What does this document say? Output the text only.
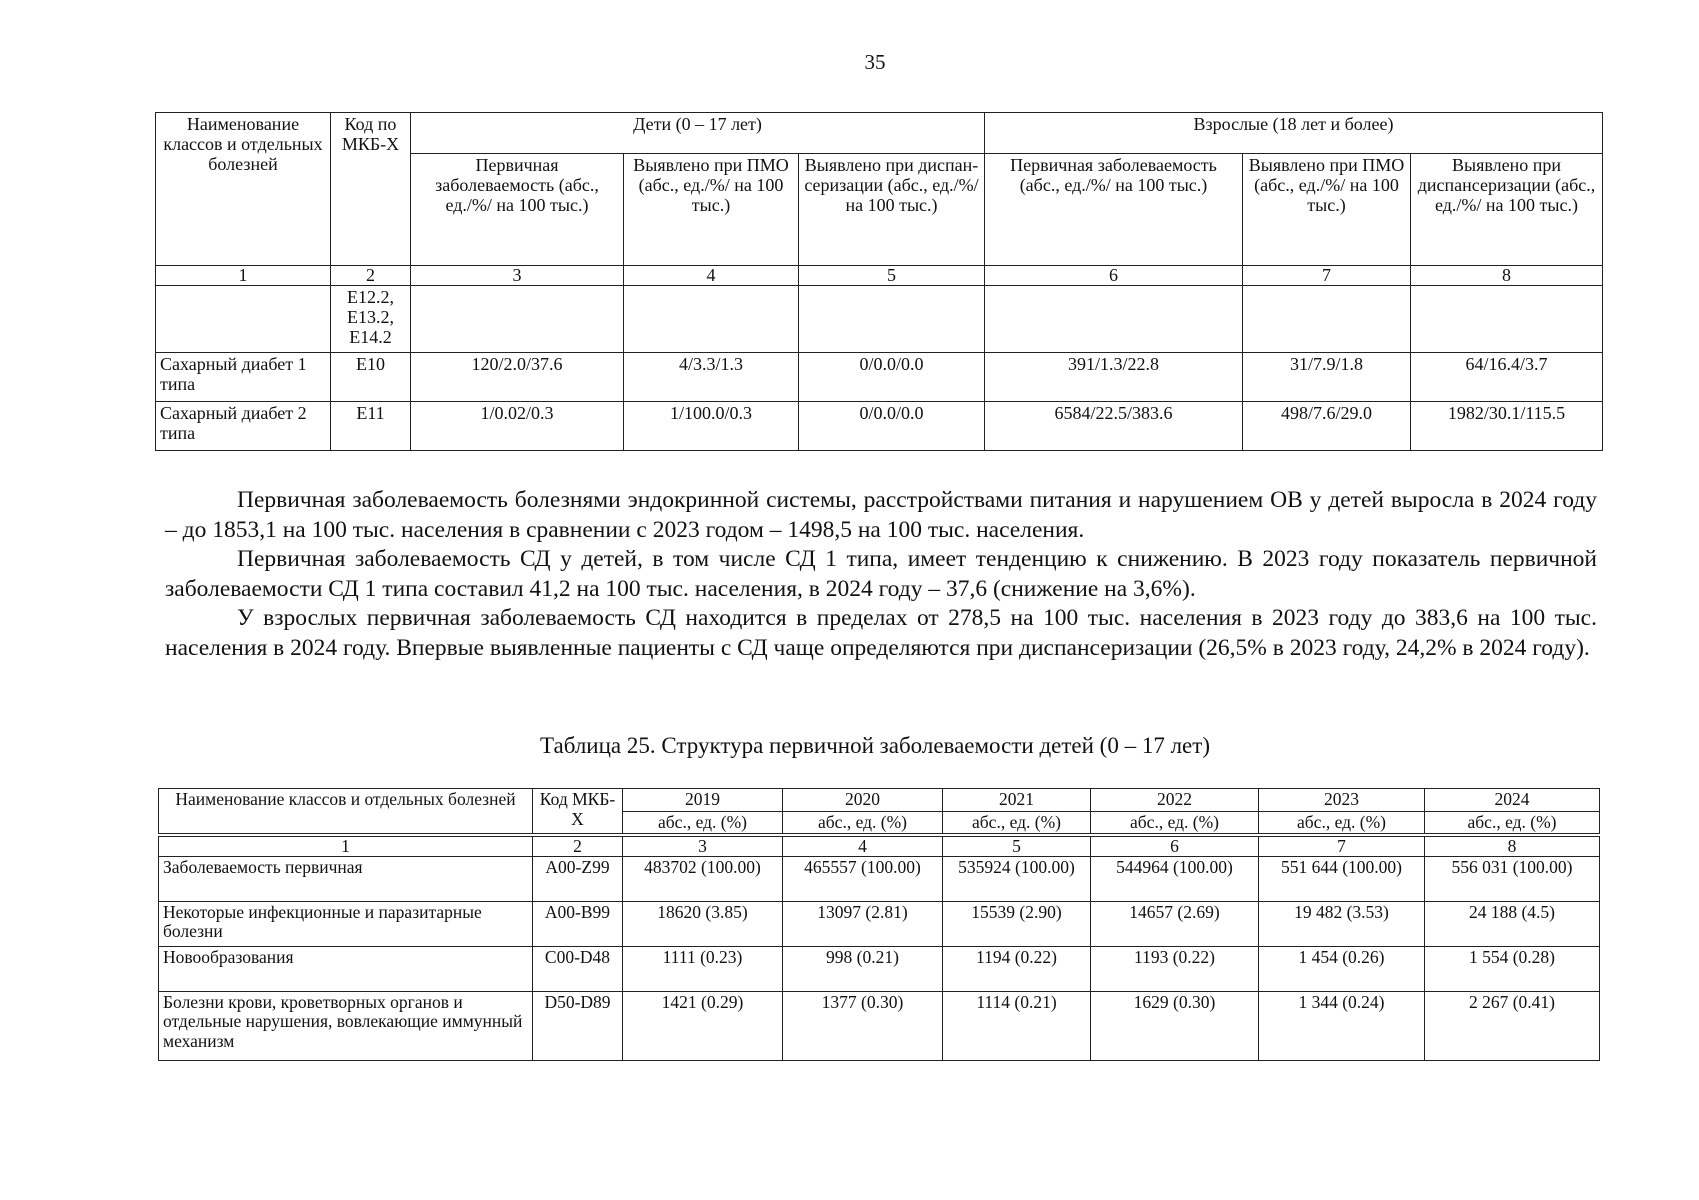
35
Наименование классов и отдельных болезней	Код по МКБ-X	Дети (0 – 17 лет)			Взрослые (18 лет и более)		
		Первичная заболеваемость (абс., ед./%/ на 100 тыс.)	Выявлено при ПМО (абс., ед./%/ на 100 тыс.)	Выявлено при диспан- серизации (абс., ед./%/ на 100 тыс.)	Первичная заболеваемость (абс., ед./%/ на 100 тыс.)	Выявлено при ПМО (абс., ед./%/ на 100 тыс.)	Выявлено при диспансеризации (абс., ед./%/ на 100 тыс.)
1	2	3	4	5	6	7	8
	E12.2, E13.2, E14.2						
Сахарный диабет 1 типа	E10	120/2.0/37.6	4/3.3/1.3	0/0.0/0.0	391/1.3/22.8	31/7.9/1.8	64/16.4/3.7
Сахарный диабет 2 типа	E11	1/0.02/0.3	1/100.0/0.3	0/0.0/0.0	6584/22.5/383.6	498/7.6/29.0	1982/30.1/115.5

Первичная заболеваемость болезнями эндокринной системы, расстройствами питания и нарушением ОВ у детей выросла в 2024 году – до 1853,1 на 100 тыс. населения в сравнении с 2023 годом – 1498,5 на 100 тыс. населения.

Первичная заболеваемость СД у детей, в том числе СД 1 типа, имеет тенденцию к снижению. В 2023 году показатель первичной заболеваемости СД 1 типа составил 41,2 на 100 тыс. населения, в 2024 году – 37,6 (снижение на 3,6%).

У взрослых первичная заболеваемость СД находится в пределах от 278,5 на 100 тыс. населения в 2023 году до 383,6 на 100 тыс. населения в 2024 году. Впервые выявленные пациенты с СД чаще определяются при диспансеризации (26,5% в 2023 году, 24,2% в 2024 году).

Таблица 25. Структура первичной заболеваемости детей (0 – 17 лет)
Наименование классов и отдельных болезней	Код МКБ-X	2019	2020	2021	2022	2023	2024
		абс., ед. (%)	абс., ед. (%)	абс., ед. (%)	абс., ед. (%)	абс., ед. (%)	абс., ед. (%)

1	2	3	4	5	6	7	8
Заболеваемость первичная	A00-Z99	483702 (100.00)	465557 (100.00)	535924 (100.00)	544964 (100.00)	551 644 (100.00)	556 031 (100.00)
Некоторые инфекционные и паразитарные болезни	A00-B99	18620 (3.85)	13097 (2.81)	15539 (2.90)	14657 (2.69)	19 482 (3.53)	24 188 (4.5)
Новообразования	C00-D48	1111 (0.23)	998 (0.21)	1194 (0.22)	1193 (0.22)	1 454 (0.26)	1 554 (0.28)
Болезни крови, кроветворных органов и отдельные нарушения, вовлекающие иммунный механизм	D50-D89	1421 (0.29)	1377 (0.30)	1114 (0.21)	1629 (0.30)	1 344 (0.24)	2 267 (0.41)
